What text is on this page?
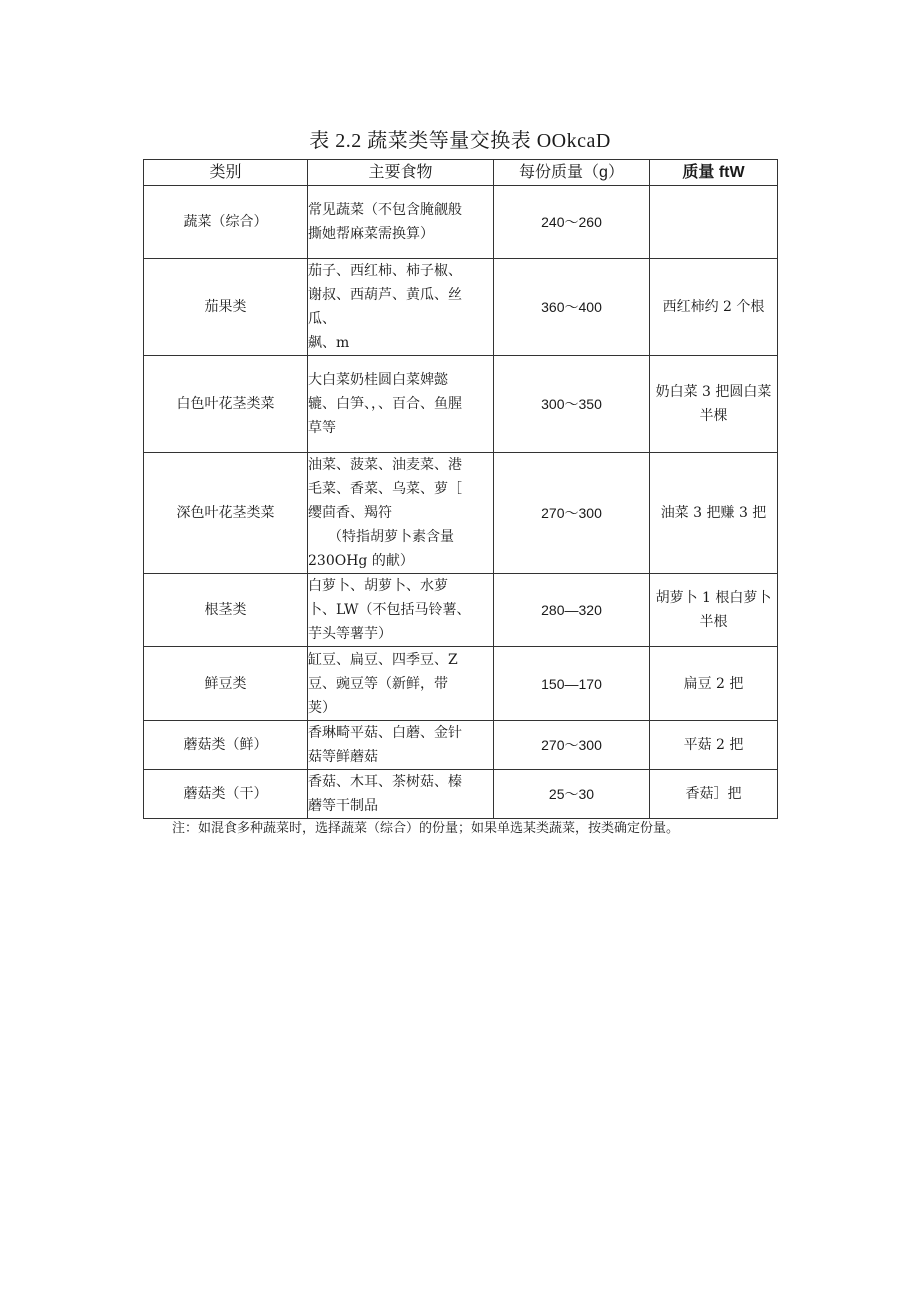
表 2.2 蔬菜类等量交换表 OOkcaD
类别	主要食物	每份质量（g）	质量 ftW
蔬菜（综合）	常见蔬菜（不包含腌觎般
撕她帮麻菜需换算）	240～260	
茄果类	茄子、西红柿、柿子椒、
谢叔、西葫芦、黄瓜、丝
瓜、
飙、m	360～400	西红柿约 2 个根
白色叶花茎类菜	大白菜奶桂圆白菜婢懿
辘、白笋、，、百合、鱼腥
草等	300～350	奶白菜 3 把圆白菜半棵
深色叶花茎类菜	油菜、菠菜、油麦菜、港
毛菜、香菜、乌菜、萝［
缨茴香、羯符
（特指胡萝卜素含量
230OHg 的献）	270～300	油菜 3 把赚 3 把
根茎类	白萝卜、胡萝卜、水萝
卜、LW（不包括马铃薯、
芋头等薯芋）	280—320	胡萝卜 1 根白萝卜半根
鲜豆类	缸豆、扁豆、四季豆、Z
豆、豌豆等（新鲜，带
荚）	150—170	扁豆 2 把
蘑菇类（鲜）	香琳畸平菇、白蘑、金针
菇等鲜蘑菇	270～300	平菇 2 把
蘑菇类（干）	香菇、木耳、茶树菇、榛
蘑等干制品	25～30	香菇］把
注：如混食多种蔬菜时，选择蔬菜（综合）的份量；如果单选某类蔬菜，按类确定份量。
